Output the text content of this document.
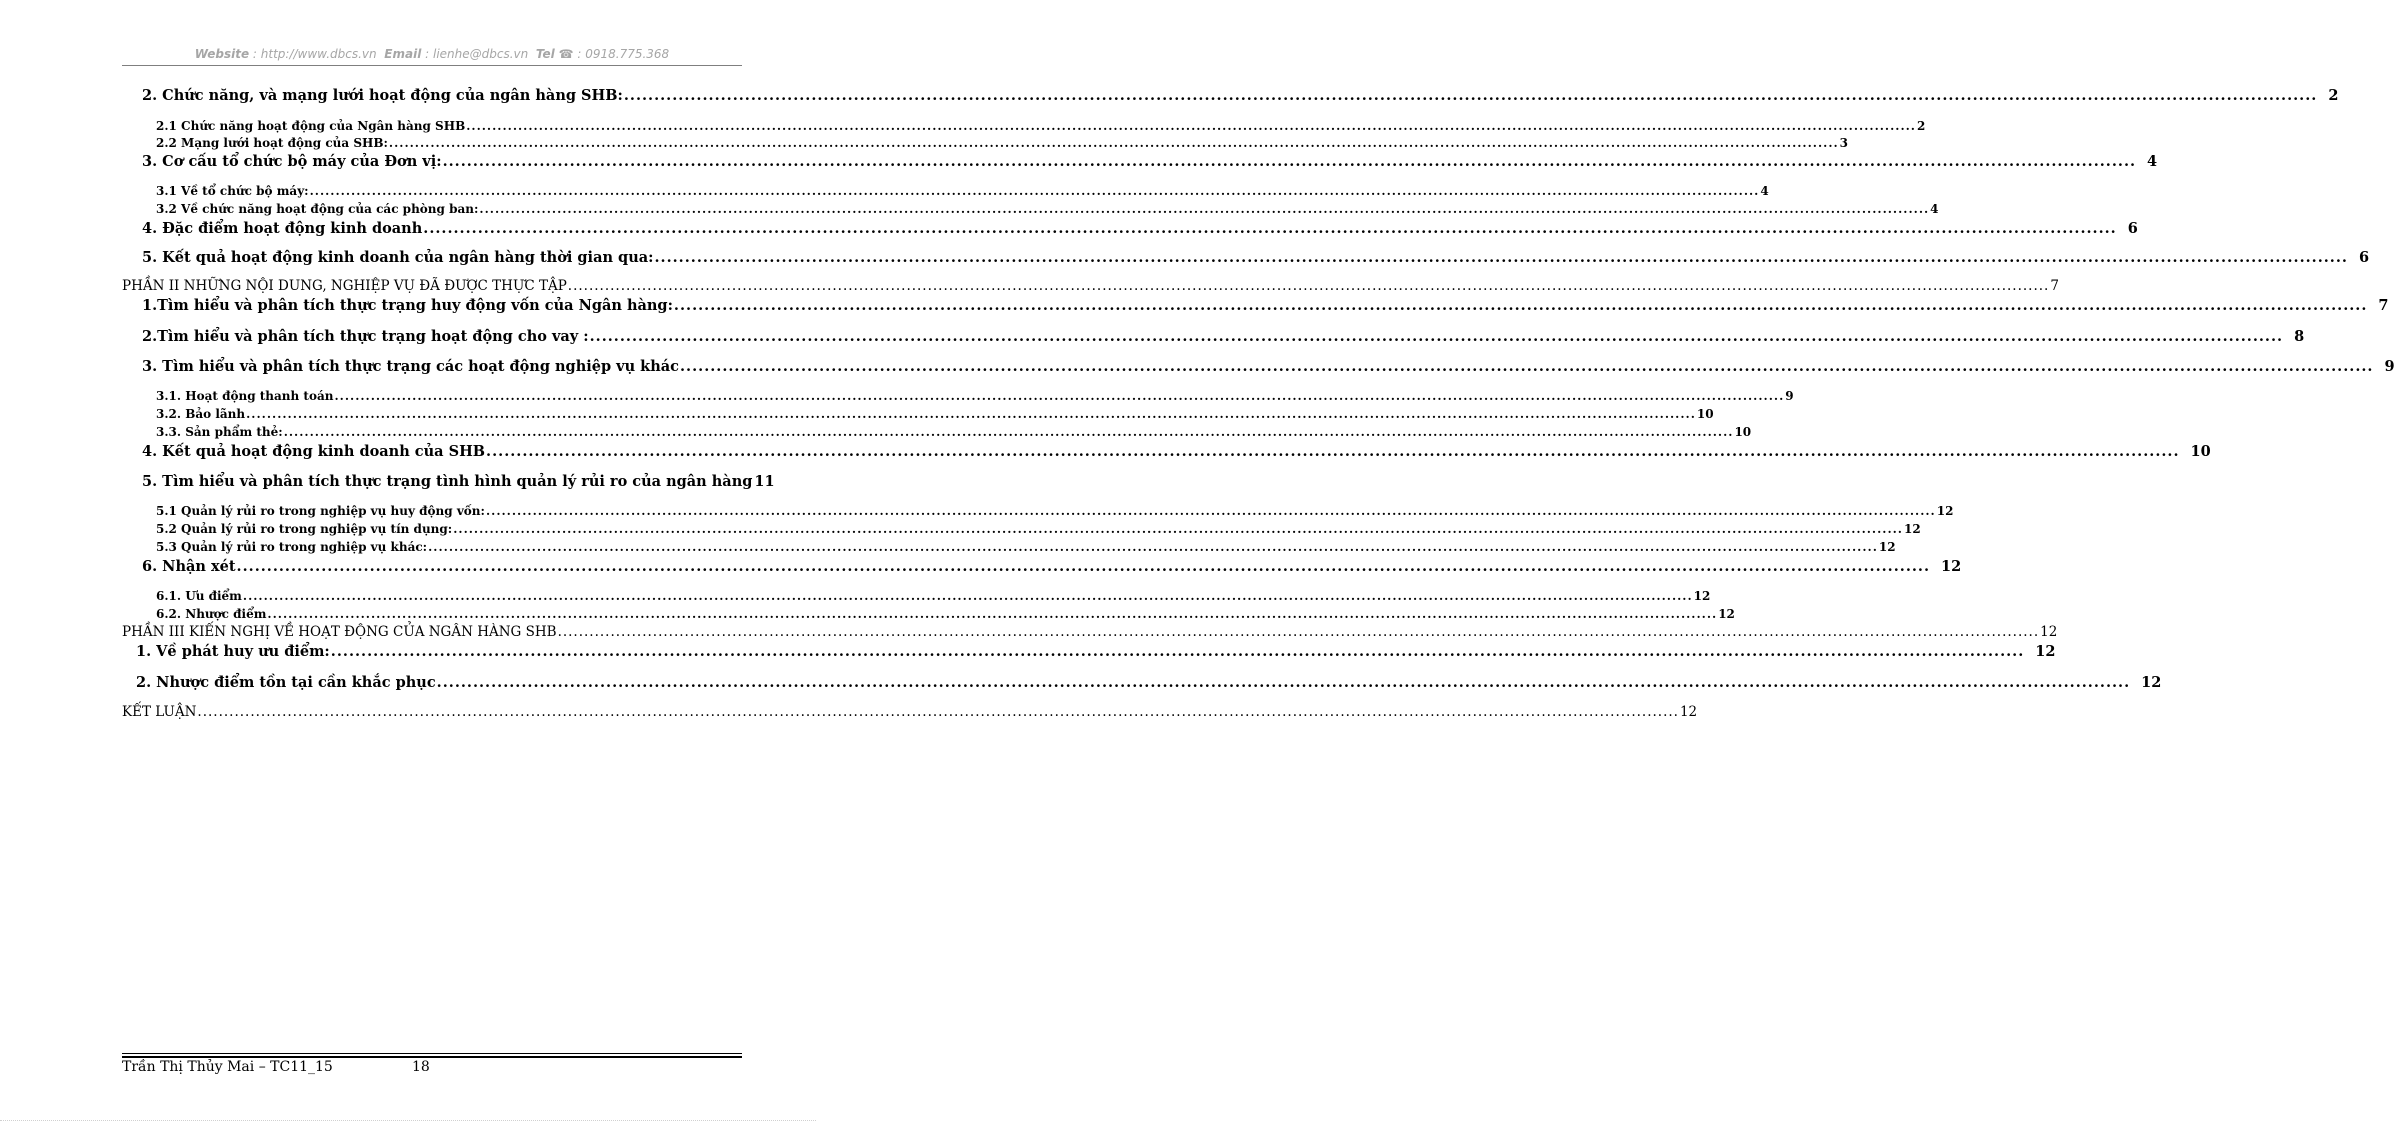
Website : http://www.dbcs.vn Email : lienhe@dbcs.vn Tel ☎ : 0918.775.368
2. Chức năng, và mạng lưới hoạt động của ngân hàng SHB: .....	2
2.1 Chức năng hoạt động của Ngân hàng SHB .....	2
2.2 Mạng lưới hoạt động của SHB: .....	3
3. Cơ cấu tổ chức bộ máy của Đơn vị: .....	4
3.1 Về tổ chức bộ máy: .....	4
3.2 Về chức năng hoạt động của các phòng ban: .....	4
4. Đặc điểm hoạt động kinh doanh .....	6
5. Kết quả hoạt động kinh doanh của ngân hàng thời gian qua: .....	6
PHẦN II NHỮNG NỘI DUNG, NGHIỆP VỤ ĐÃ ĐƯỢC THỰC TẬP .....	7
1.Tìm hiểu và phân tích thực trạng huy động vốn của Ngân hàng: .....	7
2.Tìm hiểu và phân tích thực trạng hoạt động cho vay : .....	8
3. Tìm hiểu và phân tích thực trạng các hoạt động nghiệp vụ khác .....	9
3.1. Hoạt động thanh toán .....	9
3.2. Bảo lãnh .....	10
3.3. Sản phẩm thẻ: .....	10
4. Kết quả hoạt động kinh doanh của SHB .....	10
5. Tìm hiểu và phân tích thực trạng tình hình quản lý rủi ro của ngân hàng 11
5.1 Quản lý rủi ro trong nghiệp vụ huy động vốn: .....	12
5.2 Quản lý rủi ro trong nghiệp vụ tín dụng: .....	12
5.3 Quản lý rủi ro trong nghiệp vụ khác: .....	12
6. Nhận xét .....	12
6.1. Ưu điểm .....	12
6.2. Nhược điểm .....	12
PHẦN III KIẾN NGHỊ VỀ HOẠT ĐỘNG CỦA NGÂN HÀNG SHB .....	12
1. Về phát huy ưu điểm: .....	12
2. Nhược điểm tồn tại cần khắc phục .....	12
KẾT LUẬN .....	12
Trần Thị Thủy Mai – TC11_15	18
